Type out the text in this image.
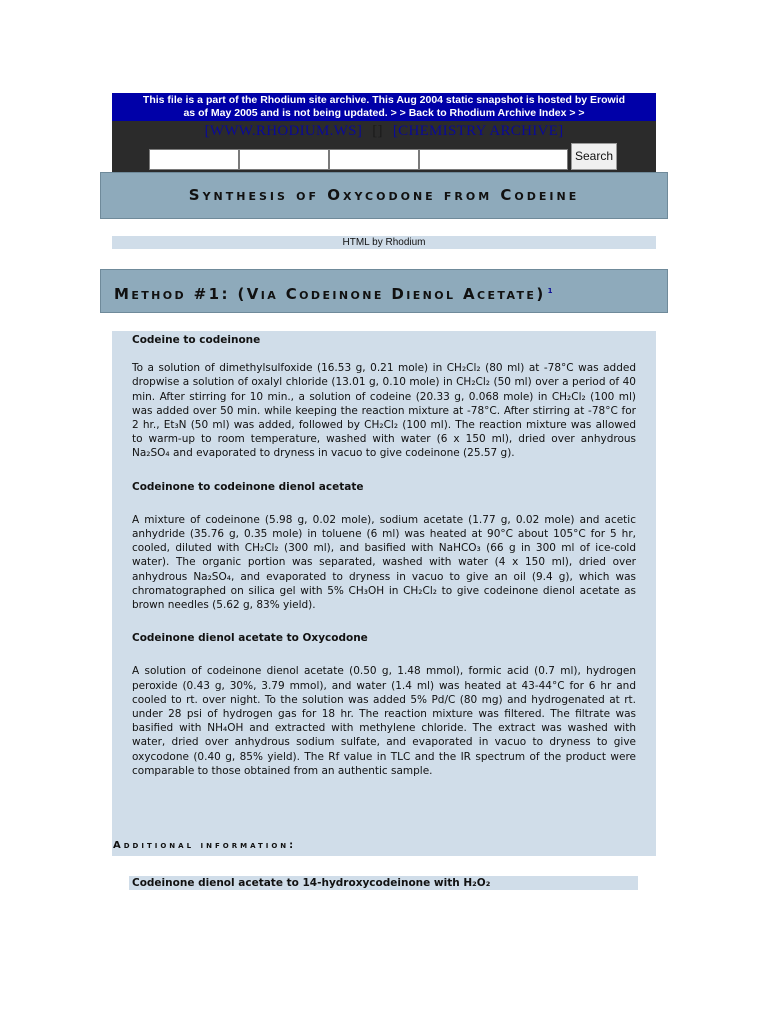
This file is a part of the Rhodium site archive. This Aug 2004 static snapshot is hosted by Erowid
as of May 2005 and is not being updated. > > Back to Rhodium Archive Index > >
[WWW.RHODIUM.WS] [] [CHEMISTRY ARCHIVE]
Search
Synthesis of Oxycodone from Codeine
HTML by Rhodium
Method #1: (Via Codeinone Dienol Acetate) $^1$
Codeine to codeinone

To a solution of dimethylsulfoxide (16.53 g, 0.21 mole) in CH₂Cl₂ (80 ml) at -78°C was added dropwise a solution of oxalyl chloride (13.01 g, 0.10 mole) in CH₂Cl₂ (50 ml) over a period of 40 min. After stirring for 10 min., a solution of codeine (20.33 g, 0.068 mole) in CH₂Cl₂ (100 ml) was added over 50 min. while keeping the reaction mixture at -78°C. After stirring at -78°C for 2 hr., Et₃N (50 ml) was added, followed by CH₂Cl₂ (100 ml). The reaction mixture was allowed to warm-up to room temperature, washed with water (6 x 150 ml), dried over anhydrous Na₂SO₄ and evaporated to dryness in vacuo to give codeinone (25.57 g).

Codeinone to codeinone dienol acetate

A mixture of codeinone (5.98 g, 0.02 mole), sodium acetate (1.77 g, 0.02 mole) and acetic anhydride (35.76 g, 0.35 mole) in toluene (6 ml) was heated at 90°C about 105°C for 5 hr, cooled, diluted with CH₂Cl₂ (300 ml), and basified with NaHCO₃ (66 g in 300 ml of ice-cold water). The organic portion was separated, washed with water (4 x 150 ml), dried over anhydrous Na₂SO₄, and evaporated to dryness in vacuo to give an oil (9.4 g), which was chromatographed on silica gel with 5% CH₃OH in CH₂Cl₂ to give codeinone dienol acetate as brown needles (5.62 g, 83% yield).

Codeinone dienol acetate to Oxycodone

A solution of codeinone dienol acetate (0.50 g, 1.48 mmol), formic acid (0.7 ml), hydrogen peroxide (0.43 g, 30%, 3.79 mmol), and water (1.4 ml) was heated at 43-44°C for 6 hr and cooled to rt. over night. To the solution was added 5% Pd/C (80 mg) and hydrogenated at rt. under 28 psi of hydrogen gas for 18 hr. The reaction mixture was filtered. The filtrate was basified with NH₄OH and extracted with methylene chloride. The extract was washed with water, dried over anhydrous sodium sulfate, and evaporated in vacuo to dryness to give oxycodone (0.40 g, 85% yield). The Rf value in TLC and the IR spectrum of the product were comparable to those obtained from an authentic sample.

Additional information:
Codeinone dienol acetate to 14-hydroxycodeinone with H₂O₂
